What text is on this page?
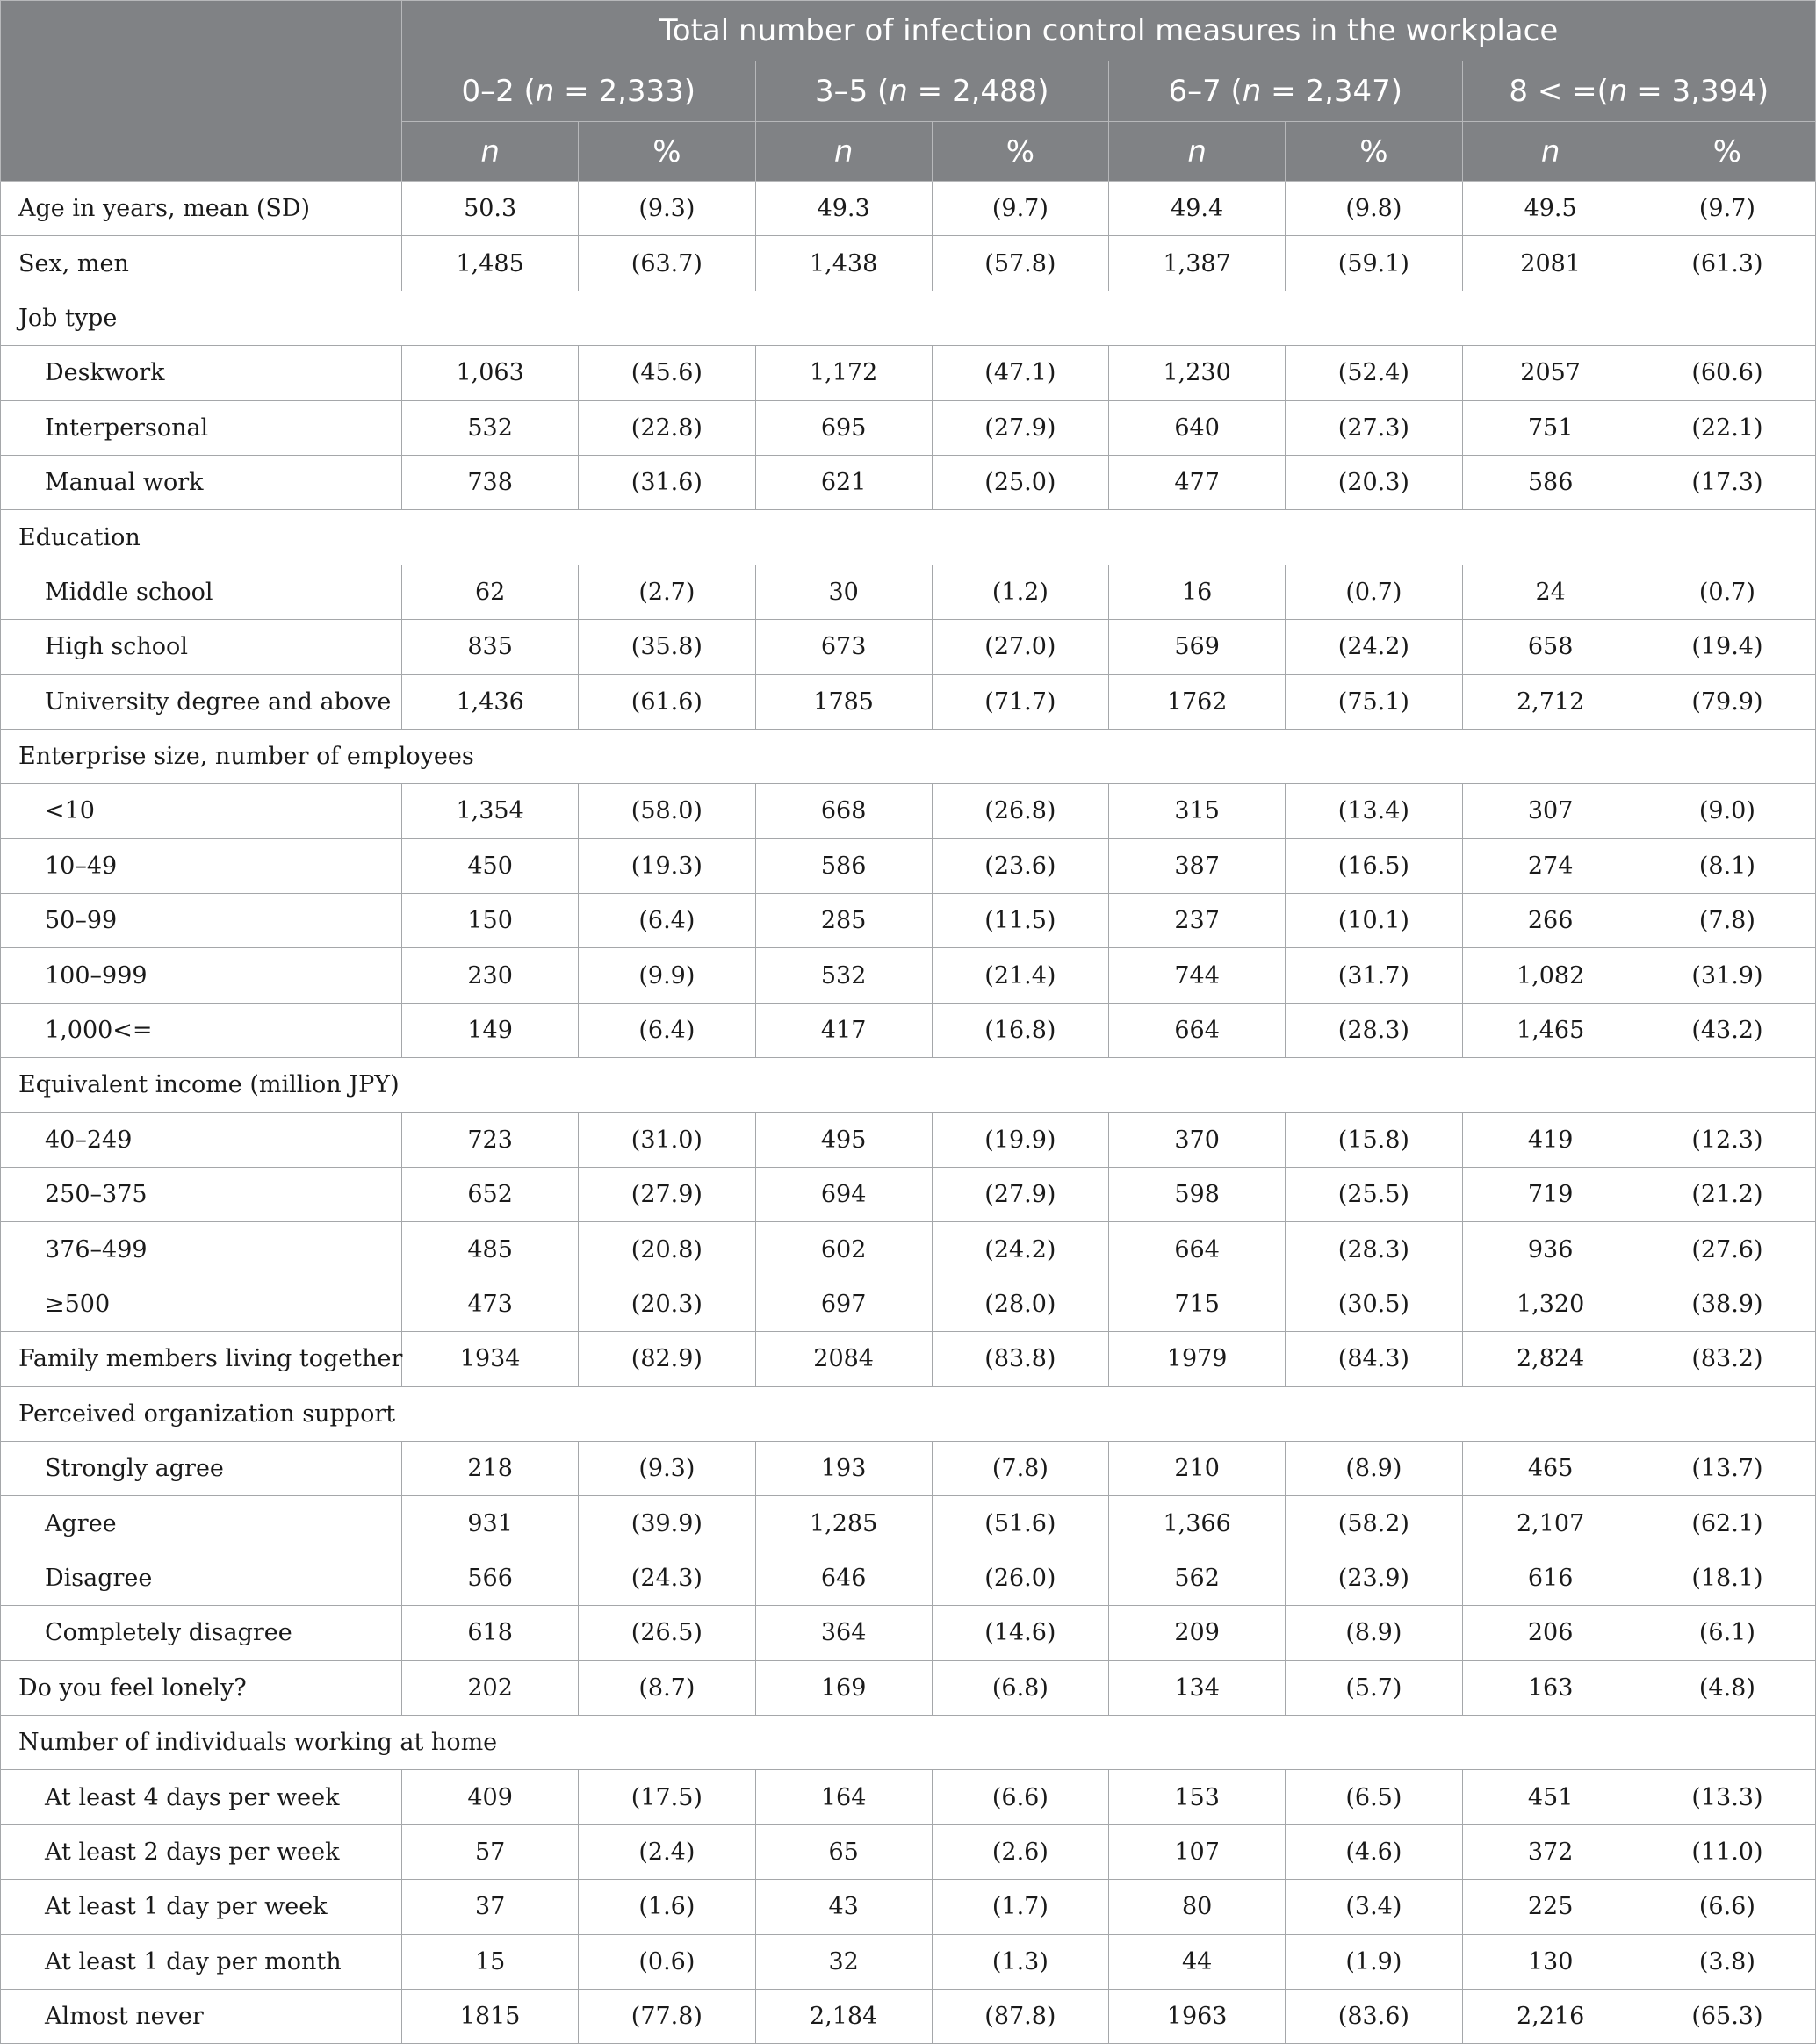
	Total number of infection control measures in the workplace							
	0–2 (n = 2,333)		3–5 (n = 2,488)		6–7 (n = 2,347)		8 < =(n = 3,394)	
	n	%	n	%	n	%	n	%
Age in years, mean (SD)	50.3	(9.3)	49.3	(9.7)	49.4	(9.8)	49.5	(9.7)
Sex, men	1,485	(63.7)	1,438	(57.8)	1,387	(59.1)	2081	(61.3)
Job type								
Deskwork	1,063	(45.6)	1,172	(47.1)	1,230	(52.4)	2057	(60.6)
Interpersonal	532	(22.8)	695	(27.9)	640	(27.3)	751	(22.1)
Manual work	738	(31.6)	621	(25.0)	477	(20.3)	586	(17.3)
Education								
Middle school	62	(2.7)	30	(1.2)	16	(0.7)	24	(0.7)
High school	835	(35.8)	673	(27.0)	569	(24.2)	658	(19.4)
University degree and above	1,436	(61.6)	1785	(71.7)	1762	(75.1)	2,712	(79.9)
Enterprise size, number of employees								
<10	1,354	(58.0)	668	(26.8)	315	(13.4)	307	(9.0)
10–49	450	(19.3)	586	(23.6)	387	(16.5)	274	(8.1)
50–99	150	(6.4)	285	(11.5)	237	(10.1)	266	(7.8)
100–999	230	(9.9)	532	(21.4)	744	(31.7)	1,082	(31.9)
1,000<=	149	(6.4)	417	(16.8)	664	(28.3)	1,465	(43.2)
Equivalent income (million JPY)								
40–249	723	(31.0)	495	(19.9)	370	(15.8)	419	(12.3)
250–375	652	(27.9)	694	(27.9)	598	(25.5)	719	(21.2)
376–499	485	(20.8)	602	(24.2)	664	(28.3)	936	(27.6)
≥500	473	(20.3)	697	(28.0)	715	(30.5)	1,320	(38.9)
Family members living together	1934	(82.9)	2084	(83.8)	1979	(84.3)	2,824	(83.2)
Perceived organization support								
Strongly agree	218	(9.3)	193	(7.8)	210	(8.9)	465	(13.7)
Agree	931	(39.9)	1,285	(51.6)	1,366	(58.2)	2,107	(62.1)
Disagree	566	(24.3)	646	(26.0)	562	(23.9)	616	(18.1)
Completely disagree	618	(26.5)	364	(14.6)	209	(8.9)	206	(6.1)
Do you feel lonely?	202	(8.7)	169	(6.8)	134	(5.7)	163	(4.8)
Number of individuals working at home								
At least 4 days per week	409	(17.5)	164	(6.6)	153	(6.5)	451	(13.3)
At least 2 days per week	57	(2.4)	65	(2.6)	107	(4.6)	372	(11.0)
At least 1 day per week	37	(1.6)	43	(1.7)	80	(3.4)	225	(6.6)
At least 1 day per month	15	(0.6)	32	(1.3)	44	(1.9)	130	(3.8)
Almost never	1815	(77.8)	2,184	(87.8)	1963	(83.6)	2,216	(65.3)
